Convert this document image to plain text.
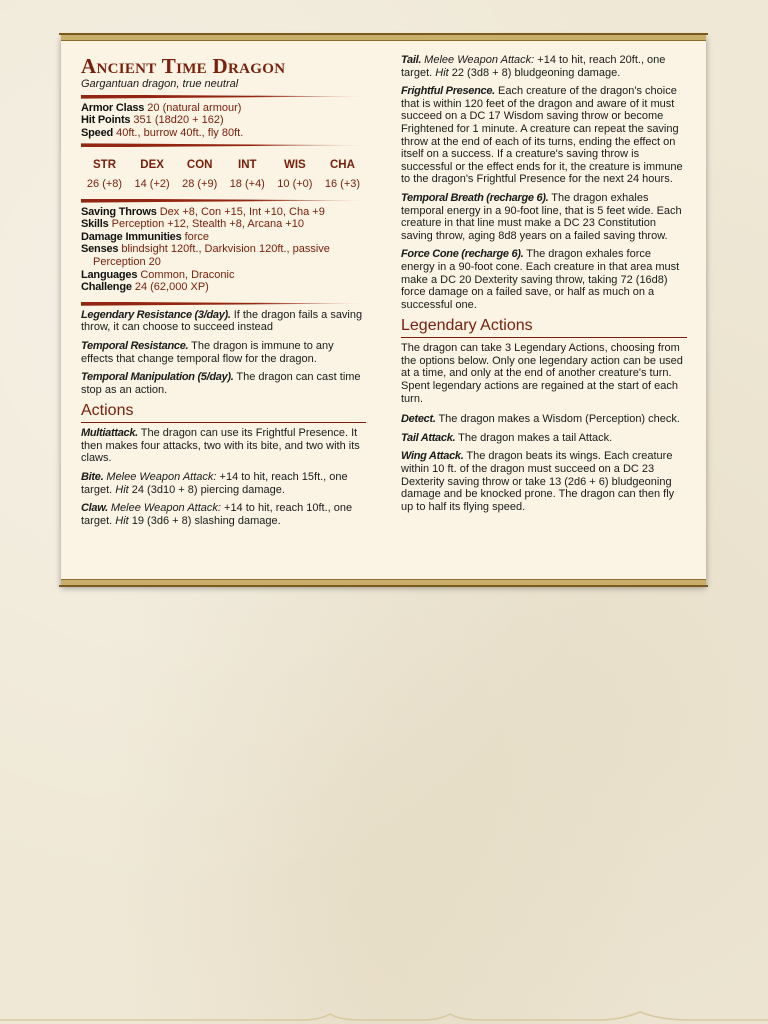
Ancient Time Dragon
Gargantuan dragon, true neutral
Armor Class 20 (natural armour)
Hit Points 351 (18d20 + 162)
Speed 40ft., burrow 40ft., fly 80ft.
STR
26 (+8)
DEX
14 (+2)
CON
28 (+9)
INT
18 (+4)
WIS
10 (+0)
CHA
16 (+3)
Saving Throws Dex +8, Con +15, Int +10, Cha +9
Skills Perception +12, Stealth +8, Arcana +10
Damage Immunities force
Senses blindsight 120ft., Darkvision 120ft., passive Perception 20
Languages Common, Draconic
Challenge 24 (62,000 XP)
Legendary Resistance (3/day). If the dragon fails a saving throw, it can choose to succeed instead
Temporal Resistance. The dragon is immune to any effects that change temporal flow for the dragon.
Temporal Manipulation (5/day). The dragon can cast time stop as an action.
Actions
Multiattack. The dragon can use its Frightful Presence. It then makes four attacks, two with its bite, and two with its claws.
Bite. Melee Weapon Attack: +14 to hit, reach 15ft., one target. Hit 24 (3d10 + 8) piercing damage.
Claw. Melee Weapon Attack: +14 to hit, reach 10ft., one target. Hit 19 (3d6 + 8) slashing damage.
Tail. Melee Weapon Attack: +14 to hit, reach 20ft., one target. Hit 22 (3d8 + 8) bludgeoning damage.
Frightful Presence. Each creature of the dragon's choice that is within 120 feet of the dragon and aware of it must succeed on a DC 17 Wisdom saving throw or become Frightened for 1 minute. A creature can repeat the saving throw at the end of each of its turns, ending the effect on itself on a success. If a creature's saving throw is successful or the effect ends for it, the creature is immune to the dragon's Frightful Presence for the next 24 hours.
Temporal Breath (recharge 6). The dragon exhales temporal energy in a 90-foot line, that is 5 feet wide. Each creature in that line must make a DC 23 Constitution saving throw, aging 8d8 years on a failed saving throw.
Force Cone (recharge 6). The dragon exhales force energy in a 90-foot cone. Each creature in that area must make a DC 20 Dexterity saving throw, taking 72 (16d8) force damage on a failed save, or half as much on a successful one.
Legendary Actions
The dragon can take 3 Legendary Actions, choosing from the options below. Only one legendary action can be used at a time, and only at the end of another creature's turn. Spent legendary actions are regained at the start of each turn.
Detect. The dragon makes a Wisdom (Perception) check.
Tail Attack. The dragon makes a tail Attack.
Wing Attack. The dragon beats its wings. Each creature within 10 ft. of the dragon must succeed on a DC 23 Dexterity saving throw or take 13 (2d6 + 6) bludgeoning damage and be knocked prone. The dragon can then fly up to half its flying speed.
